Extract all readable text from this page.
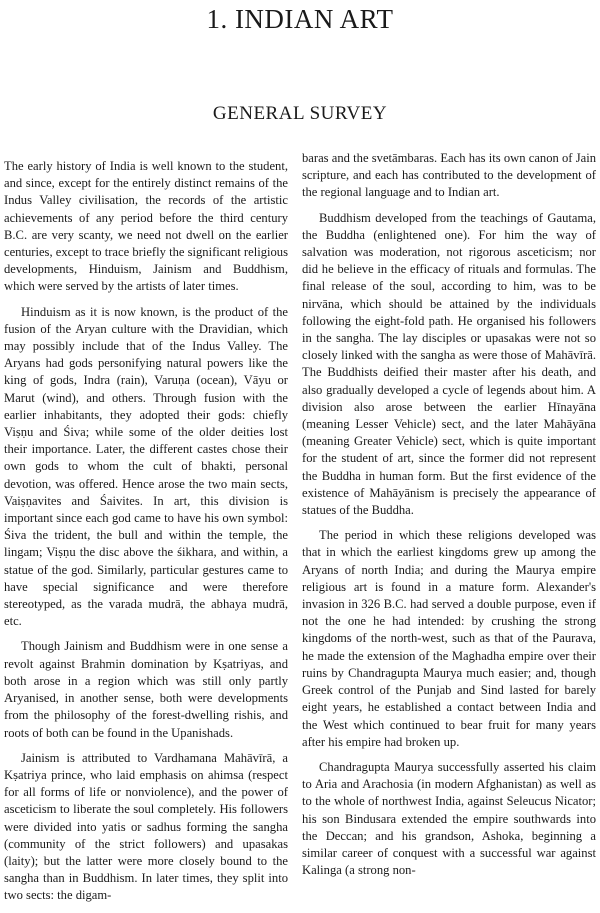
1. INDIAN ART
GENERAL SURVEY

The early history of India is well known to the student, and since, except for the entirely distinct remains of the Indus Valley civilisation, the records of the artistic achievements of any period before the third century B.C. are very scanty, we need not dwell on the earlier centuries, except to trace briefly the significant religious developments, Hinduism, Jainism and Buddhism, which were served by the artists of later times.

Hinduism as it is now known, is the product of the fusion of the Aryan culture with the Dravidian, which may possibly include that of the Indus Valley. The Aryans had gods personifying natural powers like the king of gods, Indra (rain), Varuṇa (ocean), Vāyu or Marut (wind), and others. Through fusion with the earlier inhabitants, they adopted their gods: chiefly Viṣṇu and Śiva; while some of the older deities lost their importance. Later, the different castes chose their own gods to whom the cult of bhakti, personal devotion, was offered. Hence arose the two main sects, Vaiṣṇavites and Śaivites. In art, this division is important since each god came to have his own symbol: Śiva the trident, the bull and within the temple, the lingam; Viṣṇu the disc above the śikhara, and within, a statue of the god. Similarly, particular gestures came to have special significance and were therefore stereotyped, as the varada mudrā, the abhaya mudrā, etc.

Though Jainism and Buddhism were in one sense a revolt against Brahmin domination by Kṣatriyas, and both arose in a region which was still only partly Aryanised, in another sense, both were developments from the philosophy of the forest-dwelling rishis, and roots of both can be found in the Upanishads.

Jainism is attributed to Vardhamana Mahāvīrā, a Kṣatriya prince, who laid emphasis on ahimsa (respect for all forms of life or nonviolence), and the power of asceticism to liberate the soul completely. His followers were divided into yatis or sadhus forming the sangha (community of the strict followers) and upasakas (laity); but the latter were more closely bound to the sangha than in Buddhism. In later times, they split into two sects: the digam-

baras and the svetāmbaras. Each has its own canon of Jain scripture, and each has contributed to the development of the regional language and to Indian art.

Buddhism developed from the teachings of Gautama, the Buddha (enlightened one). For him the way of salvation was moderation, not rigorous asceticism; nor did he believe in the efficacy of rituals and formulas. The final release of the soul, according to him, was to be nirvāna, which should be attained by the individuals following the eight-fold path. He organised his followers in the sangha. The lay disciples or upasakas were not so closely linked with the sangha as were those of Mahāvīrā. The Buddhists deified their master after his death, and also gradually developed a cycle of legends about him. A division also arose between the earlier Hīnayāna (meaning Lesser Vehicle) sect, and the later Mahāyāna (meaning Greater Vehicle) sect, which is quite important for the student of art, since the former did not represent the Buddha in human form. But the first evidence of the existence of Mahāyānism is precisely the appearance of statues of the Buddha.

The period in which these religions developed was that in which the earliest kingdoms grew up among the Aryans of north India; and during the Maurya empire religious art is found in a mature form. Alexander's invasion in 326 B.C. had served a double purpose, even if not the one he had intended: by crushing the strong kingdoms of the north-west, such as that of the Paurava, he made the extension of the Maghadha empire over their ruins by Chandragupta Maurya much easier; and, though Greek control of the Punjab and Sind lasted for barely eight years, he established a contact between India and the West which continued to bear fruit for many years after his empire had broken up.

Chandragupta Maurya successfully asserted his claim to Aria and Arachosia (in modern Afghanistan) as well as to the whole of northwest India, against Seleucus Nicator; his son Bindusara extended the empire southwards into the Deccan; and his grandson, Ashoka, beginning a similar career of conquest with a successful war against Kalinga (a strong non-
